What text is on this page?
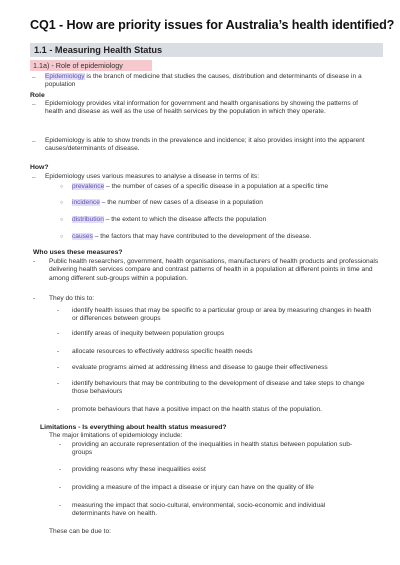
CQ1 - How are priority issues for Australia’s health identified?
1.1 - Measuring Health Status
1.1a) - Role of epidemiology
– Epidemiology is the branch of medicine that studies the causes, distribution and determinants of disease in a population
Role
– Epidemiology provides vital information for government and health organisations by showing the patterns of health and disease as well as the use of health services by the population in which they operate.
– Epidemiology is able to show trends in the prevalence and incidence; it also provides insight into the apparent causes/determinants of disease.
How?
– Epidemiology uses various measures to analyse a disease in terms of its:
○ prevalence – the number of cases of a specific disease in a population at a specific time
○ incidence – the number of new cases of a disease in a population
○ distribution – the extent to which the disease affects the population
○ causes – the factors that may have contributed to the development of the disease.
Who uses these measures?
- Public health researchers, government, health organisations, manufacturers of health products and professionals delivering health services compare and contrast patterns of health in a population at different points in time and among different sub-groups within a population.
- They do this to:
- identify health issues that may be specific to a particular group or area by measuring changes in health or differences between groups
- identify areas of inequity between population groups
- allocate resources to effectively address specific health needs
- evaluate programs aimed at addressing illness and disease to gauge their effectiveness
- identify behaviours that may be contributing to the development of disease and take steps to change those behaviours
- promote behaviours that have a positive impact on the health status of the population.
Limitations - Is everything about health status measured?
The major limitations of epidemiology include:
- providing an accurate representation of the inequalities in health status between population sub-groups
- providing reasons why these inequalities exist
- providing a measure of the impact a disease or injury can have on the quality of life
- measuring the impact that socio-cultural, environmental, socio-economic and individual determinants have on health.
These can be due to:
